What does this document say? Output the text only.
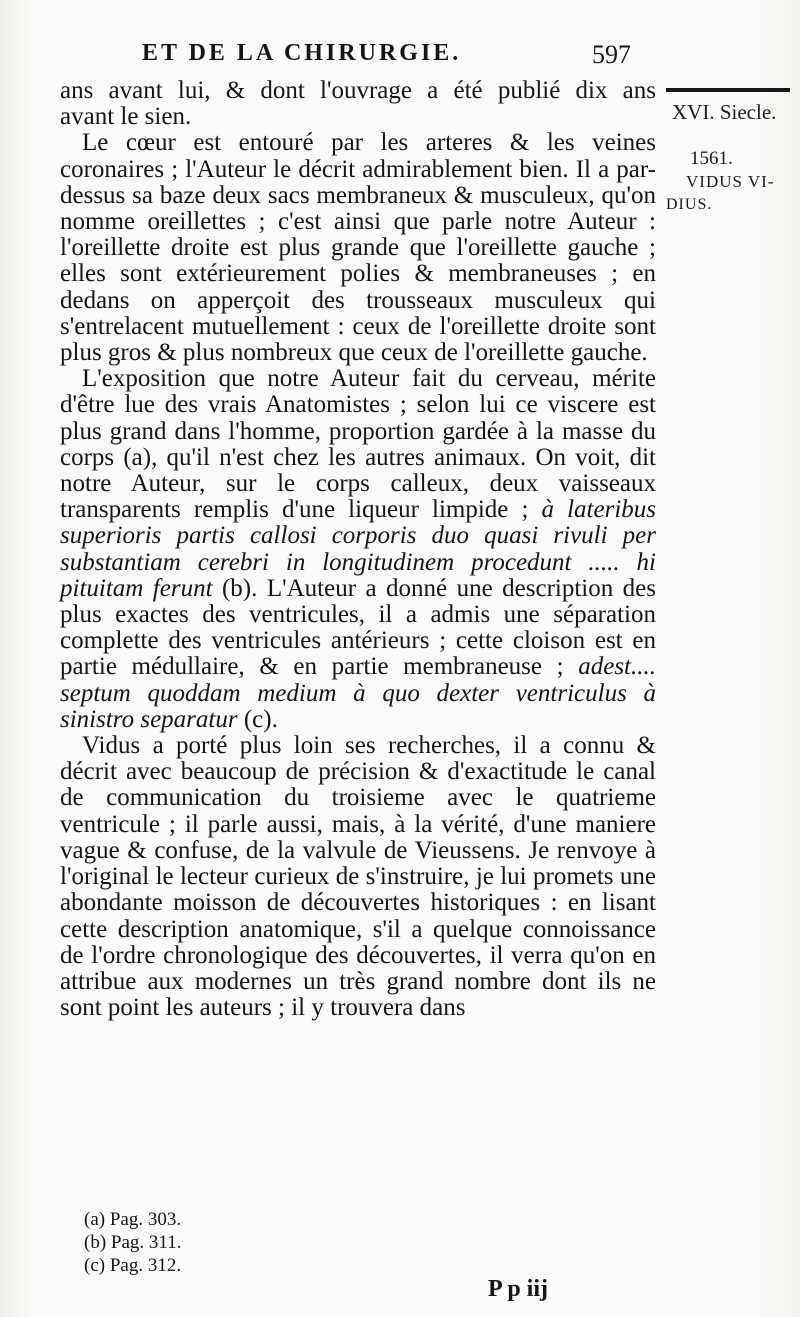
ET DE LA CHIRURGIE.	597
XVI. Siecle.
1561.
VIDUS VI-
DIUS.

ans avant lui, & dont l'ouvrage a été publié dix ans

avant le sien.

Le cœur est entouré par les arteres & les veines coronaires ; l'Auteur le décrit admirablement bien. Il a par-dessus sa baze deux sacs membraneux & musculeux, qu'on nomme oreillettes ; c'est ainsi que parle notre Auteur : l'oreillette droite est plus grande que l'oreillette gauche ; elles sont extérieurement polies & membraneuses ; en dedans on apperçoit des trousseaux musculeux qui s'entrelacent mutuellement : ceux de l'oreillette droite sont plus gros & plus nombreux que ceux de l'oreillette gauche.

L'exposition que notre Auteur fait du cerveau, mérite d'être lue des vrais Anatomistes ; selon lui ce viscere est plus grand dans l'homme, proportion gardée à la masse du corps (a), qu'il n'est chez les autres animaux. On voit, dit notre Auteur, sur le corps calleux, deux vaisseaux transparents remplis d'une liqueur limpide ; à lateribus superioris partis callosi corporis duo quasi rivuli per substantiam cerebri in longitudinem procedunt ..... hi pituitam ferunt (b). L'Auteur a donné une description des plus exactes des ventricules, il a admis une séparation complette des ventricules antérieurs ; cette cloison est en partie médullaire, & en partie membraneuse ; adest.... septum quoddam medium à quo dexter ventriculus à sinistro separatur (c).

Vidus a porté plus loin ses recherches, il a connu & décrit avec beaucoup de précision & d'exactitude le canal de communication du troisieme avec le quatrieme ventricule ; il parle aussi, mais, à la vérité, d'une maniere vague & confuse, de la valvule de Vieussens. Je renvoye à l'original le lecteur curieux de s'instruire, je lui promets une abondante moisson de découvertes historiques : en lisant cette description anatomique, s'il a quelque connoissance de l'ordre chronologique des découvertes, il verra qu'on en attribue aux modernes un très grand nombre dont ils ne sont point les auteurs ; il y trouvera dans

(a) Pag. 303.
(b) Pag. 311.
(c) Pag. 312.
P p iij
